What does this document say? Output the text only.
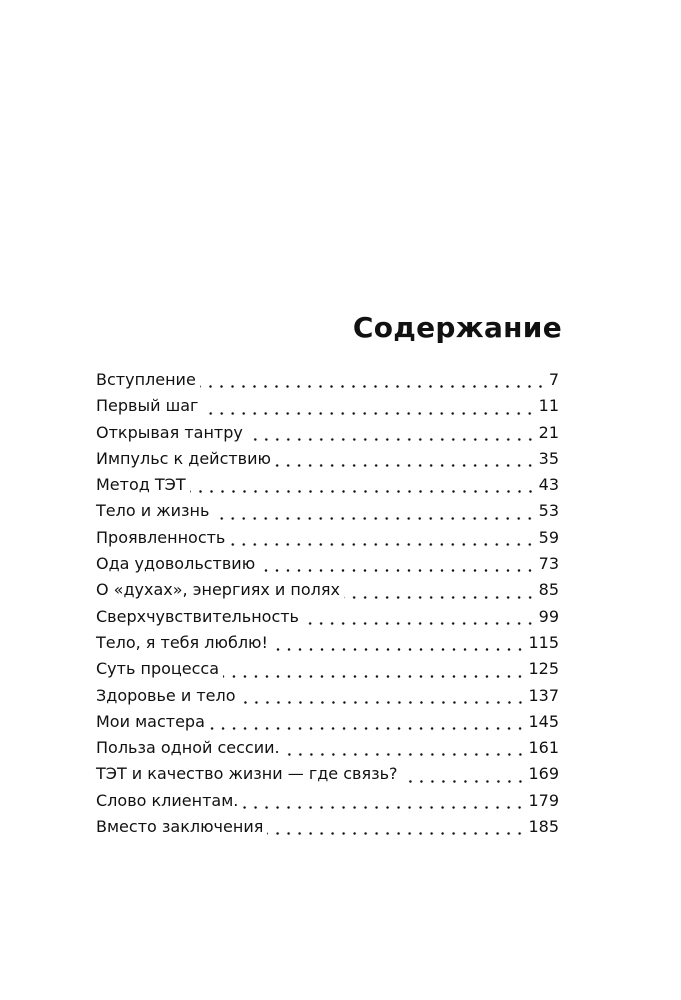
Содержание
Вступление	7
Первый шаг	11
Открывая тантру	21
Импульс к действию	35
Метод ТЭТ	43
Тело и жизнь	53
Проявленность	59
Ода удовольствию	73
О «духах», энергиях и полях	85
Сверхчувствительность	99
Тело, я тебя люблю!	115
Суть процесса	125
Здоровье и тело	137
Мои мастера	145
Польза одной сессии.	161
ТЭТ и качество жизни — где связь?	169
Слово клиентам.	179
Вместо заключения	185
